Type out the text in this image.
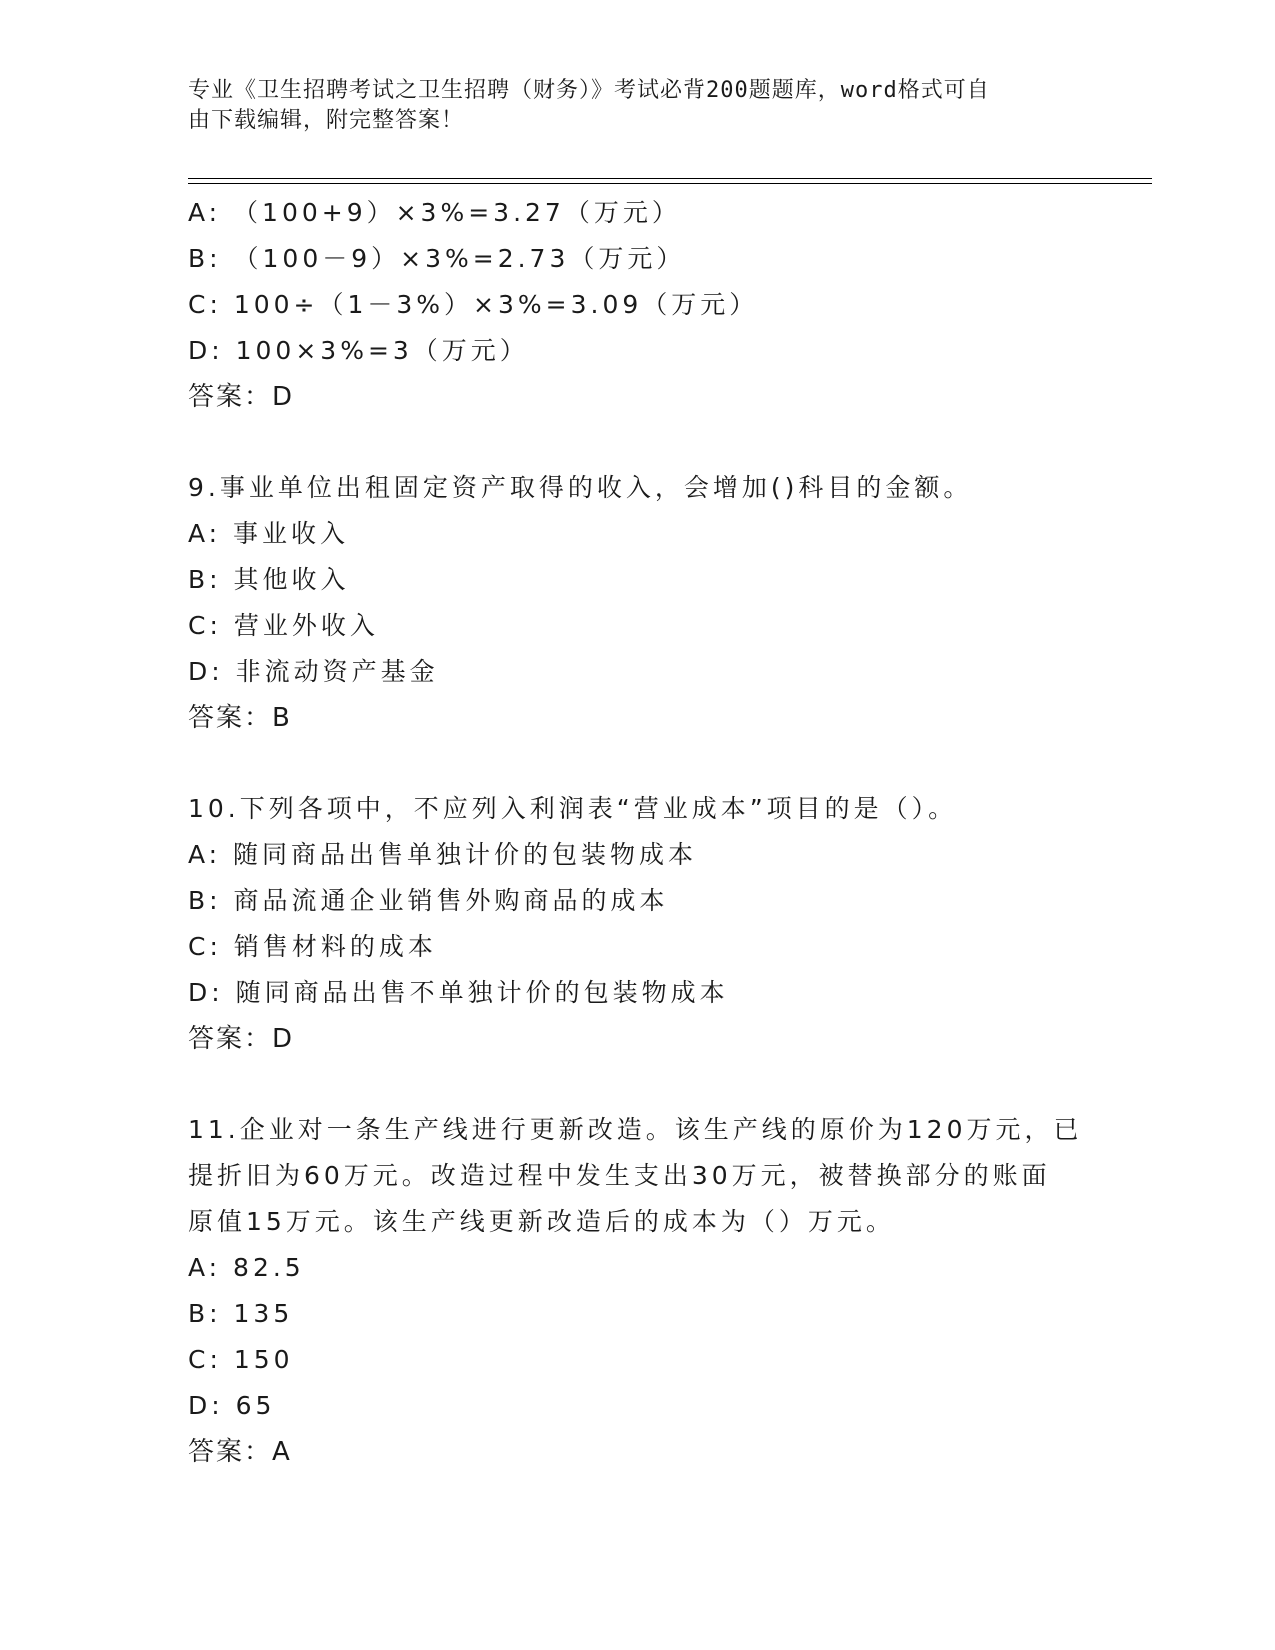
专业《卫生招聘考试之卫生招聘（财务）》考试必背200题题库，word格式可自
由下载编辑，附完整答案！
A: （100+9）×3%=3.27（万元）
B: （100－9）×3%=2.73（万元）
C: 100÷（1－3%）×3%=3.09（万元）
D: 100×3%=3（万元）
答案：D
9.事业单位出租固定资产取得的收入，会增加()科目的金额。
A: 事业收入
B: 其他收入
C: 营业外收入
D: 非流动资产基金
答案：B
10.下列各项中，不应列入利润表“营业成本”项目的是（）。
A: 随同商品出售单独计价的包装物成本
B: 商品流通企业销售外购商品的成本
C: 销售材料的成本
D: 随同商品出售不单独计价的包装物成本
答案：D
11.企业对一条生产线进行更新改造。该生产线的原价为120万元，已
提折旧为60万元。改造过程中发生支出30万元，被替换部分的账面
原值15万元。该生产线更新改造后的成本为（）万元。
A: 82.5
B: 135
C: 150
D: 65
答案：A
